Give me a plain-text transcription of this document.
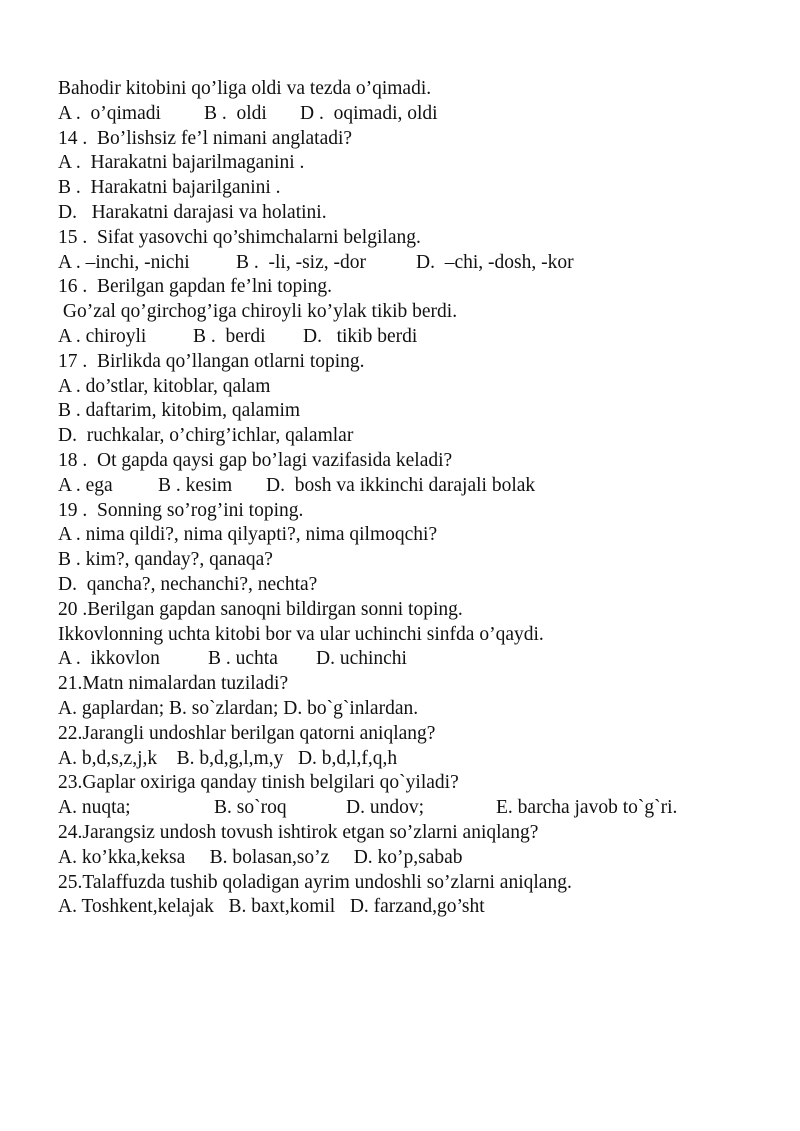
Bahodir kitobini qo’liga oldi va tezda o’qimadi.
A .  o’qimadi B .  oldi D .  oqimadi, oldi
14 .  Bo’lishsiz fe’l nimani anglatadi?
A .  Harakatni bajarilmaganini .
B .  Harakatni bajarilganini .
D.   Harakatni darajasi va holatini.
15 .  Sifat yasovchi qo’shimchalarni belgilang.
A . –inchi, -nichi B .  -li, -siz, -dor	D.  –chi, -dosh, -kor
16 .  Berilgan gapdan fe’lni toping.
Go’zal qo’girchog’iga chiroyli ko’ylak tikib berdi.
A . chiroyli B .  berdi D.   tikib berdi
17 .  Birlikda qo’llangan otlarni toping.
A . do’stlar, kitoblar, qalam
B . daftarim, kitobim, qalamim
D.  ruchkalar, o’chirg’ichlar, qalamlar
18 .  Ot gapda qaysi gap bo’lagi vazifasida keladi?
A . ega B . kesim D.  bosh va ikkinchi darajali bolak
19 .  Sonning so’rog’ini toping.
A . nima qildi?, nima qilyapti?, nima qilmoqchi?
B . kim?, qanday?, qanaqa?
D.  qancha?, nechanchi?, nechta?
20 .Berilgan gapdan sanoqni bildirgan sonni toping.
Ikkovlonning uchta kitobi bor va ular uchinchi sinfda o’qaydi.
A .  ikkovlon B . uchta D. uchinchi
21.Matn nimalardan tuziladi?
A. gaplardan; B. so`zlardan; D. bo`g`inlardan.
22.Jarangli undoshlar berilgan qatorni aniqlang?
A. b,d,s,z,j,k    B. b,d,g,l,m,y   D. b,d,l,f,q,h
23.Gaplar oxiriga qanday tinish belgilari qo`yiladi?
A. nuqta;	B. so`roq	D. undov;	E. barcha javob to`g`ri.
24.Jarangsiz undosh tovush ishtirok etgan so’zlarni aniqlang?
A. ko’kka,keksa     B. bolasan,so’z     D. ko’p,sabab
25.Talaffuzda tushib qoladigan ayrim undoshli so’zlarni aniqlang.
A. Toshkent,kelajak   B. baxt,komil   D. farzand,go’sht
